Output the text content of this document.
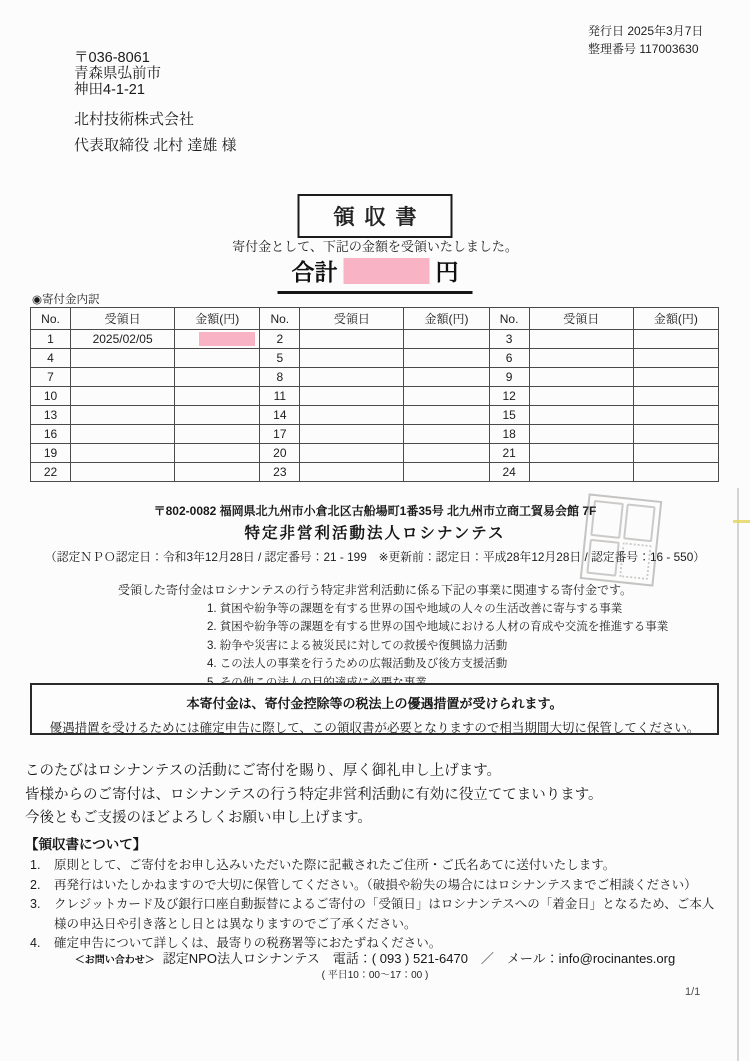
発行日 2025年3月7日
整理番号 117003630
〒036-8061
青森県弘前市
神田4-1-21
北村技術株式会社
代表取締役 北村 達雄 様
領収書
寄付金として、下記の金額を受領いたしました。
合計	円
◉寄付金内訳
No.	受領日	金額(円)	No.	受領日	金額(円)	No.	受領日	金額(円)
1	2025/02/05		2			3		
4			5			6		
7			8			9		
10			11			12		
13			14			15		
16			17			18		
19			20			21		
22			23			24		
〒802-0082 福岡県北九州市小倉北区古船場町1番35号 北九州市立商工貿易会館 7F
特定非営利活動法人ロシナンテス
（認定ＮＰＯ認定日：令和3年12月28日 / 認定番号：21 - 199　※更新前：認定日：平成28年12月28日 / 認定番号：16 - 550）
受領した寄付金はロシナンテスの行う特定非営利活動に係る下記の事業に関連する寄付金です。
1. 貧困や紛争等の課題を有する世界の国や地域の人々の生活改善に寄与する事業
2. 貧困や紛争等の課題を有する世界の国や地域における人材の育成や交流を推進する事業
3. 紛争や災害による被災民に対しての救援や復興協力活動
4. この法人の事業を行うための広報活動及び後方支援活動
本寄付金は、寄付金控除等の税法上の優遇措置が受けられます。
優遇措置を受けるためには確定申告に際して、この領収書が必要となりますので相当期間大切に保管してください。
このたびはロシナンテスの活動にご寄付を賜り、厚く御礼申し上げます。
皆様からのご寄付は、ロシナンテスの行う特定非営利活動に有効に役立ててまいります。
今後ともご支援のほどよろしくお願い申し上げます。
【領収書について】
1.	原則として、ご寄付をお申し込みいただいた際に記載されたご住所・ご氏名あてに送付いたします。
2.	再発行はいたしかねますので大切に保管してください。（破損や紛失の場合にはロシナンテスまでご相談ください）
3.	クレジットカード及び銀行口座自動振替によるご寄付の「受領日」はロシナンテスへの「着金日」となるため、ご本人様の申込日や引き落とし日とは異なりますのでご了承ください。
4.	確定申告について詳しくは、最寄りの税務署等におたずねください。
＜お問い合わせ＞ 認定NPO法人ロシナンテス　電話：( 093 ) 521-6470　／　メール：info@rocinantes.org
( 平日10：00～17：00 )
1/1
